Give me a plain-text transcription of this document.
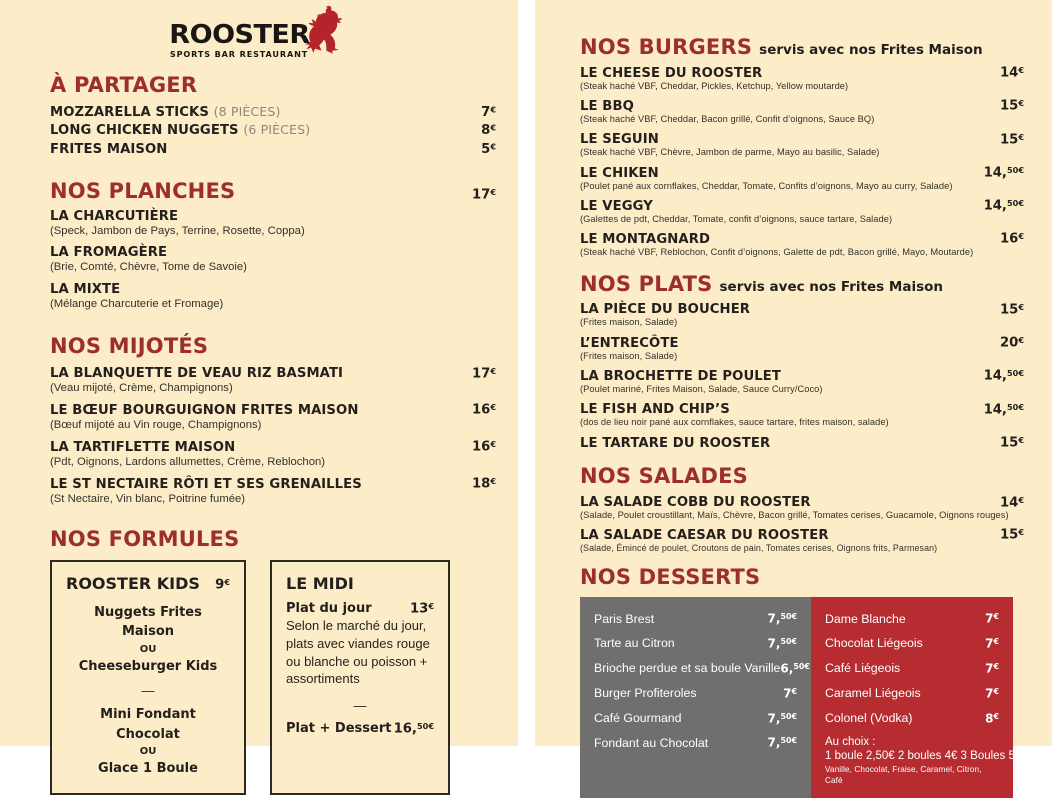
ROOSTER
SPORTS BAR RESTAURANT
À PARTAGER
MOZZARELLA STICKS (8 PIÈCES)	7€
LONG CHICKEN NUGGETS (6 PIÈCES)	8€
FRITES MAISON	5€
NOS PLANCHES	17€
LA CHARCUTIÈRE
(Speck, Jambon de Pays, Terrine, Rosette, Coppa)
LA FROMAGÈRE
(Brie, Comté, Chèvre, Tome de Savoie)
LA MIXTE
(Mélange Charcuterie et Fromage)
NOS MIJOTÉS
LA BLANQUETTE DE VEAU RIZ BASMATI	17€
(Veau mijoté, Crème, Champignons)
LE BŒUF BOURGUIGNON FRITES MAISON	16€
(Bœuf mijoté au Vin rouge, Champignons)
LA TARTIFLETTE MAISON	16€
(Pdt, Oignons, Lardons allumettes, Crème, Reblochon)
LE ST NECTAIRE RÔTI ET SES GRENAILLES	18€
(St Nectaire, Vin blanc, Poitrine fumée)
NOS FORMULES
ROOSTER KIDS 9€
Nuggets Frites Maison
OU
Cheeseburger Kids
—
Mini Fondant Chocolat
OU
Glace 1 Boule
LE MIDI
Plat du jour	13€
Selon le marché du jour, plats avec viandes rouge ou blanche ou poisson + assortiments
—
Plat + Dessert 16,$^{50€}$
NOS BURGERS servis avec nos Frites Maison
LE CHEESE DU ROOSTER	14€
(Steak haché VBF, Cheddar, Pickles, Ketchup, Yellow moutarde)
LE BBQ	15€
(Steak haché VBF, Cheddar, Bacon grillé, Confit d’oignons, Sauce BQ)
LE SEGUIN	15€
(Steak haché VBF, Chèvre, Jambon de parme, Mayo au basilic, Salade)
LE CHIKEN	14,$^{50€}$
(Poulet pané aux cornflakes, Cheddar, Tomate, Confits d’oignons, Mayo au curry, Salade)
LE VEGGY	14,$^{50€}$
(Galettes de pdt, Cheddar, Tomate, confit d’oignons, sauce tartare, Salade)
LE MONTAGNARD	16€
(Steak haché VBF, Reblochon, Confit d’oignons, Galette de pdt, Bacon grillé, Mayo, Moutarde)
NOS PLATS servis avec nos Frites Maison
LA PIÈCE DU BOUCHER	15€
(Frites maison, Salade)
L’ENTRECÔTE	20€
(Frites maison, Salade)
LA BROCHETTE DE POULET	14,$^{50€}$
(Poulet mariné, Frites Maison, Salade, Sauce Curry/Coco)
LE FISH AND CHIP’S	14,$^{50€}$
(dos de lieu noir pané aux cornflakes, sauce tartare, frites maison, salade)
LE TARTARE DU ROOSTER	15€
NOS SALADES
LA SALADE COBB DU ROOSTER	14€
(Salade, Poulet croustillant, Maïs, Chèvre, Bacon grillé, Tomates cerises, Guacamole, Oignons rouges)
LA SALADE CAESAR DU ROOSTER	15€
(Salade, Émincé de poulet, Croutons de pain, Tomates cerises, Oignons frits, Parmesan)
NOS DESSERTS
Paris Brest	7,$^{50€}$
Tarte au Citron	7,$^{50€}$
Brioche perdue et sa boule Vanille 6,$^{50€}$
Burger Profiteroles	7€
Café Gourmand	7,$^{50€}$
Fondant au Chocolat	7,$^{50€}$
Dame Blanche	7€
Chocolat Liégeois	7€
Café Liégeois	7€
Caramel Liégeois	7€
Colonel (Vodka)	8€
Au choix :
1 boule 2,50€ 2 boules 4€ 3 Boules 5€
Vanille, Chocolat, Fraise, Caramel, Citron, Café
